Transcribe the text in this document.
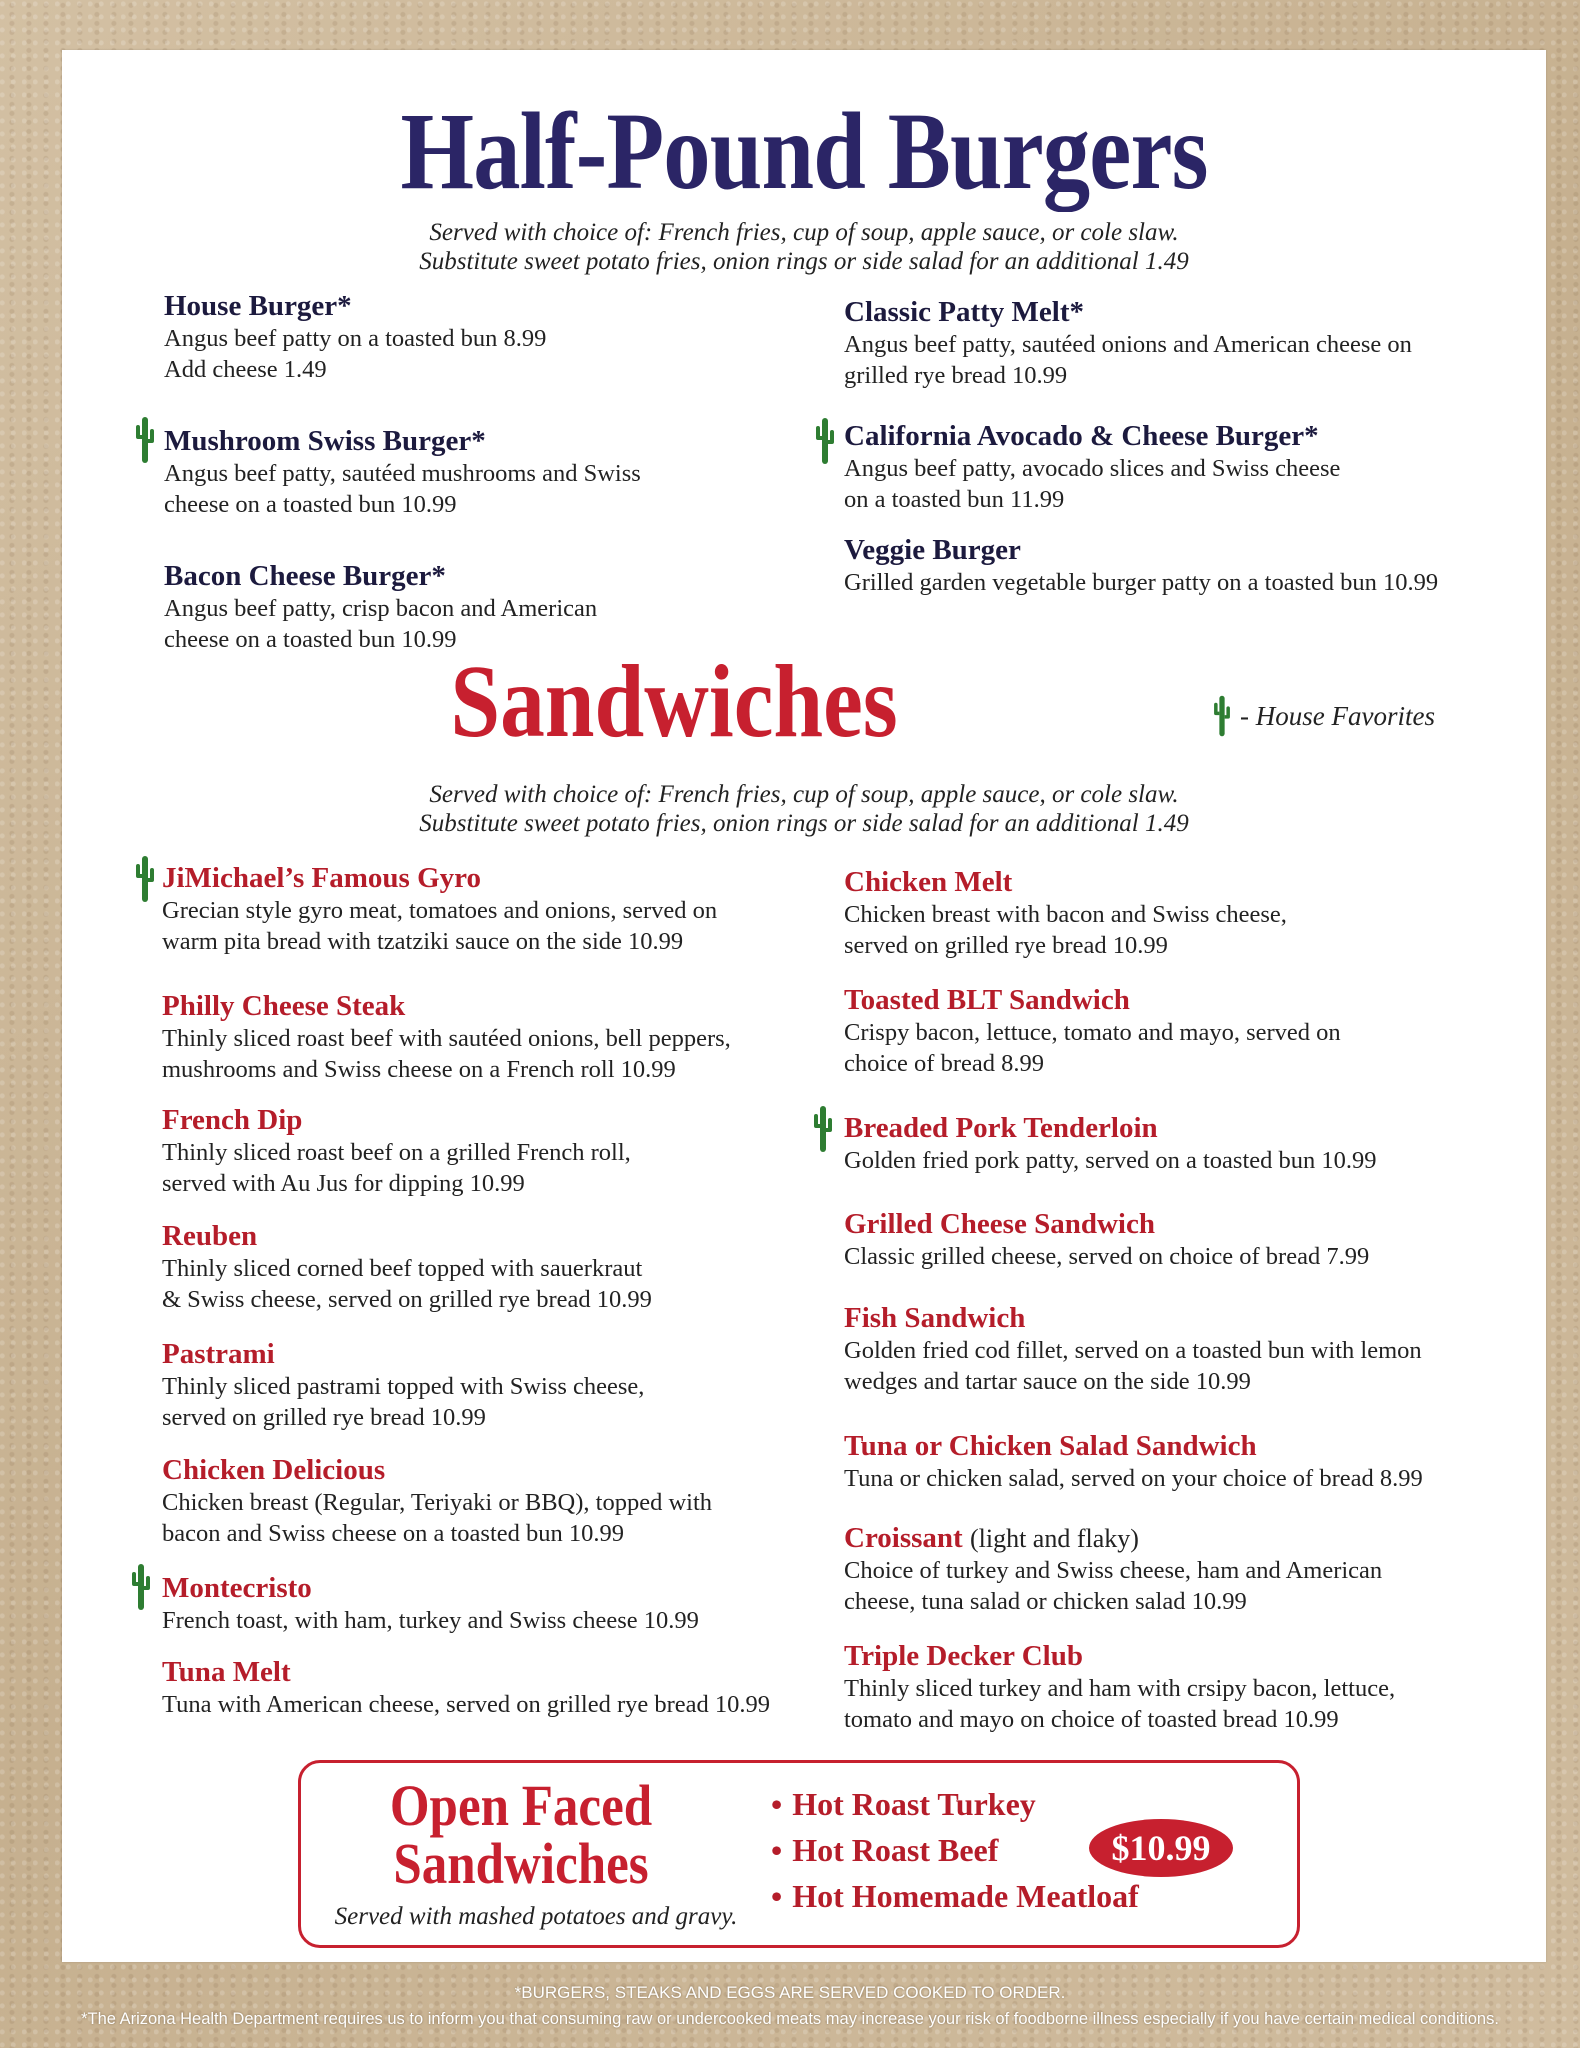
Half-Pound Burgers
Served with choice of: French fries, cup of soup, apple sauce, or cole slaw.
Substitute sweet potato fries, onion rings or side salad for an additional 1.49
House Burger*
Angus beef patty on a toasted bun 8.99
Add cheese 1.49
Mushroom Swiss Burger*
Angus beef patty, sautéed mushrooms and Swiss
cheese on a toasted bun 10.99
Bacon Cheese Burger*
Angus beef patty, crisp bacon and American
cheese on a toasted bun 10.99
Classic Patty Melt*
Angus beef patty, sautéed onions and American cheese on
grilled rye bread 10.99
California Avocado & Cheese Burger*
Angus beef patty, avocado slices and Swiss cheese
on a toasted bun 11.99
Veggie Burger
Grilled garden vegetable burger patty on a toasted bun 10.99
Sandwiches	- House Favorites
Served with choice of: French fries, cup of soup, apple sauce, or cole slaw.
Substitute sweet potato fries, onion rings or side salad for an additional 1.49
JiMichael’s Famous Gyro
Grecian style gyro meat, tomatoes and onions, served on
warm pita bread with tzatziki sauce on the side 10.99
Philly Cheese Steak
Thinly sliced roast beef with sautéed onions, bell peppers,
mushrooms and Swiss cheese on a French roll 10.99
French Dip
Thinly sliced roast beef on a grilled French roll,
served with Au Jus for dipping 10.99
Reuben
Thinly sliced corned beef topped with sauerkraut
& Swiss cheese, served on grilled rye bread 10.99
Pastrami
Thinly sliced pastrami topped with Swiss cheese,
served on grilled rye bread 10.99
Chicken Delicious
Chicken breast (Regular, Teriyaki or BBQ), topped with
bacon and Swiss cheese on a toasted bun 10.99
Montecristo
French toast, with ham, turkey and Swiss cheese 10.99
Tuna Melt
Tuna with American cheese, served on grilled rye bread 10.99
Chicken Melt
Chicken breast with bacon and Swiss cheese,
served on grilled rye bread 10.99
Toasted BLT Sandwich
Crispy bacon, lettuce, tomato and mayo, served on
choice of bread 8.99
Breaded Pork Tenderloin
Golden fried pork patty, served on a toasted bun 10.99
Grilled Cheese Sandwich
Classic grilled cheese, served on choice of bread 7.99
Fish Sandwich
Golden fried cod fillet, served on a toasted bun with lemon
wedges and tartar sauce on the side 10.99
Tuna or Chicken Salad Sandwich
Tuna or chicken salad, served on your choice of bread 8.99
Croissant (light and flaky)
Choice of turkey and Swiss cheese, ham and American
cheese, tuna salad or chicken salad 10.99
Triple Decker Club
Thinly sliced turkey and ham with crsipy bacon, lettuce,
tomato and mayo on choice of toasted bread 10.99
Open Faced
Sandwiches
Served with mashed potatoes and gravy.
• Hot Roast Turkey
• Hot Roast Beef
• Hot Homemade Meatloaf
$10.99
*BURGERS, STEAKS AND EGGS ARE SERVED COOKED TO ORDER.
*The Arizona Health Department requires us to inform you that consuming raw or undercooked meats may increase your risk of foodborne illness especially if you have certain medical conditions.
